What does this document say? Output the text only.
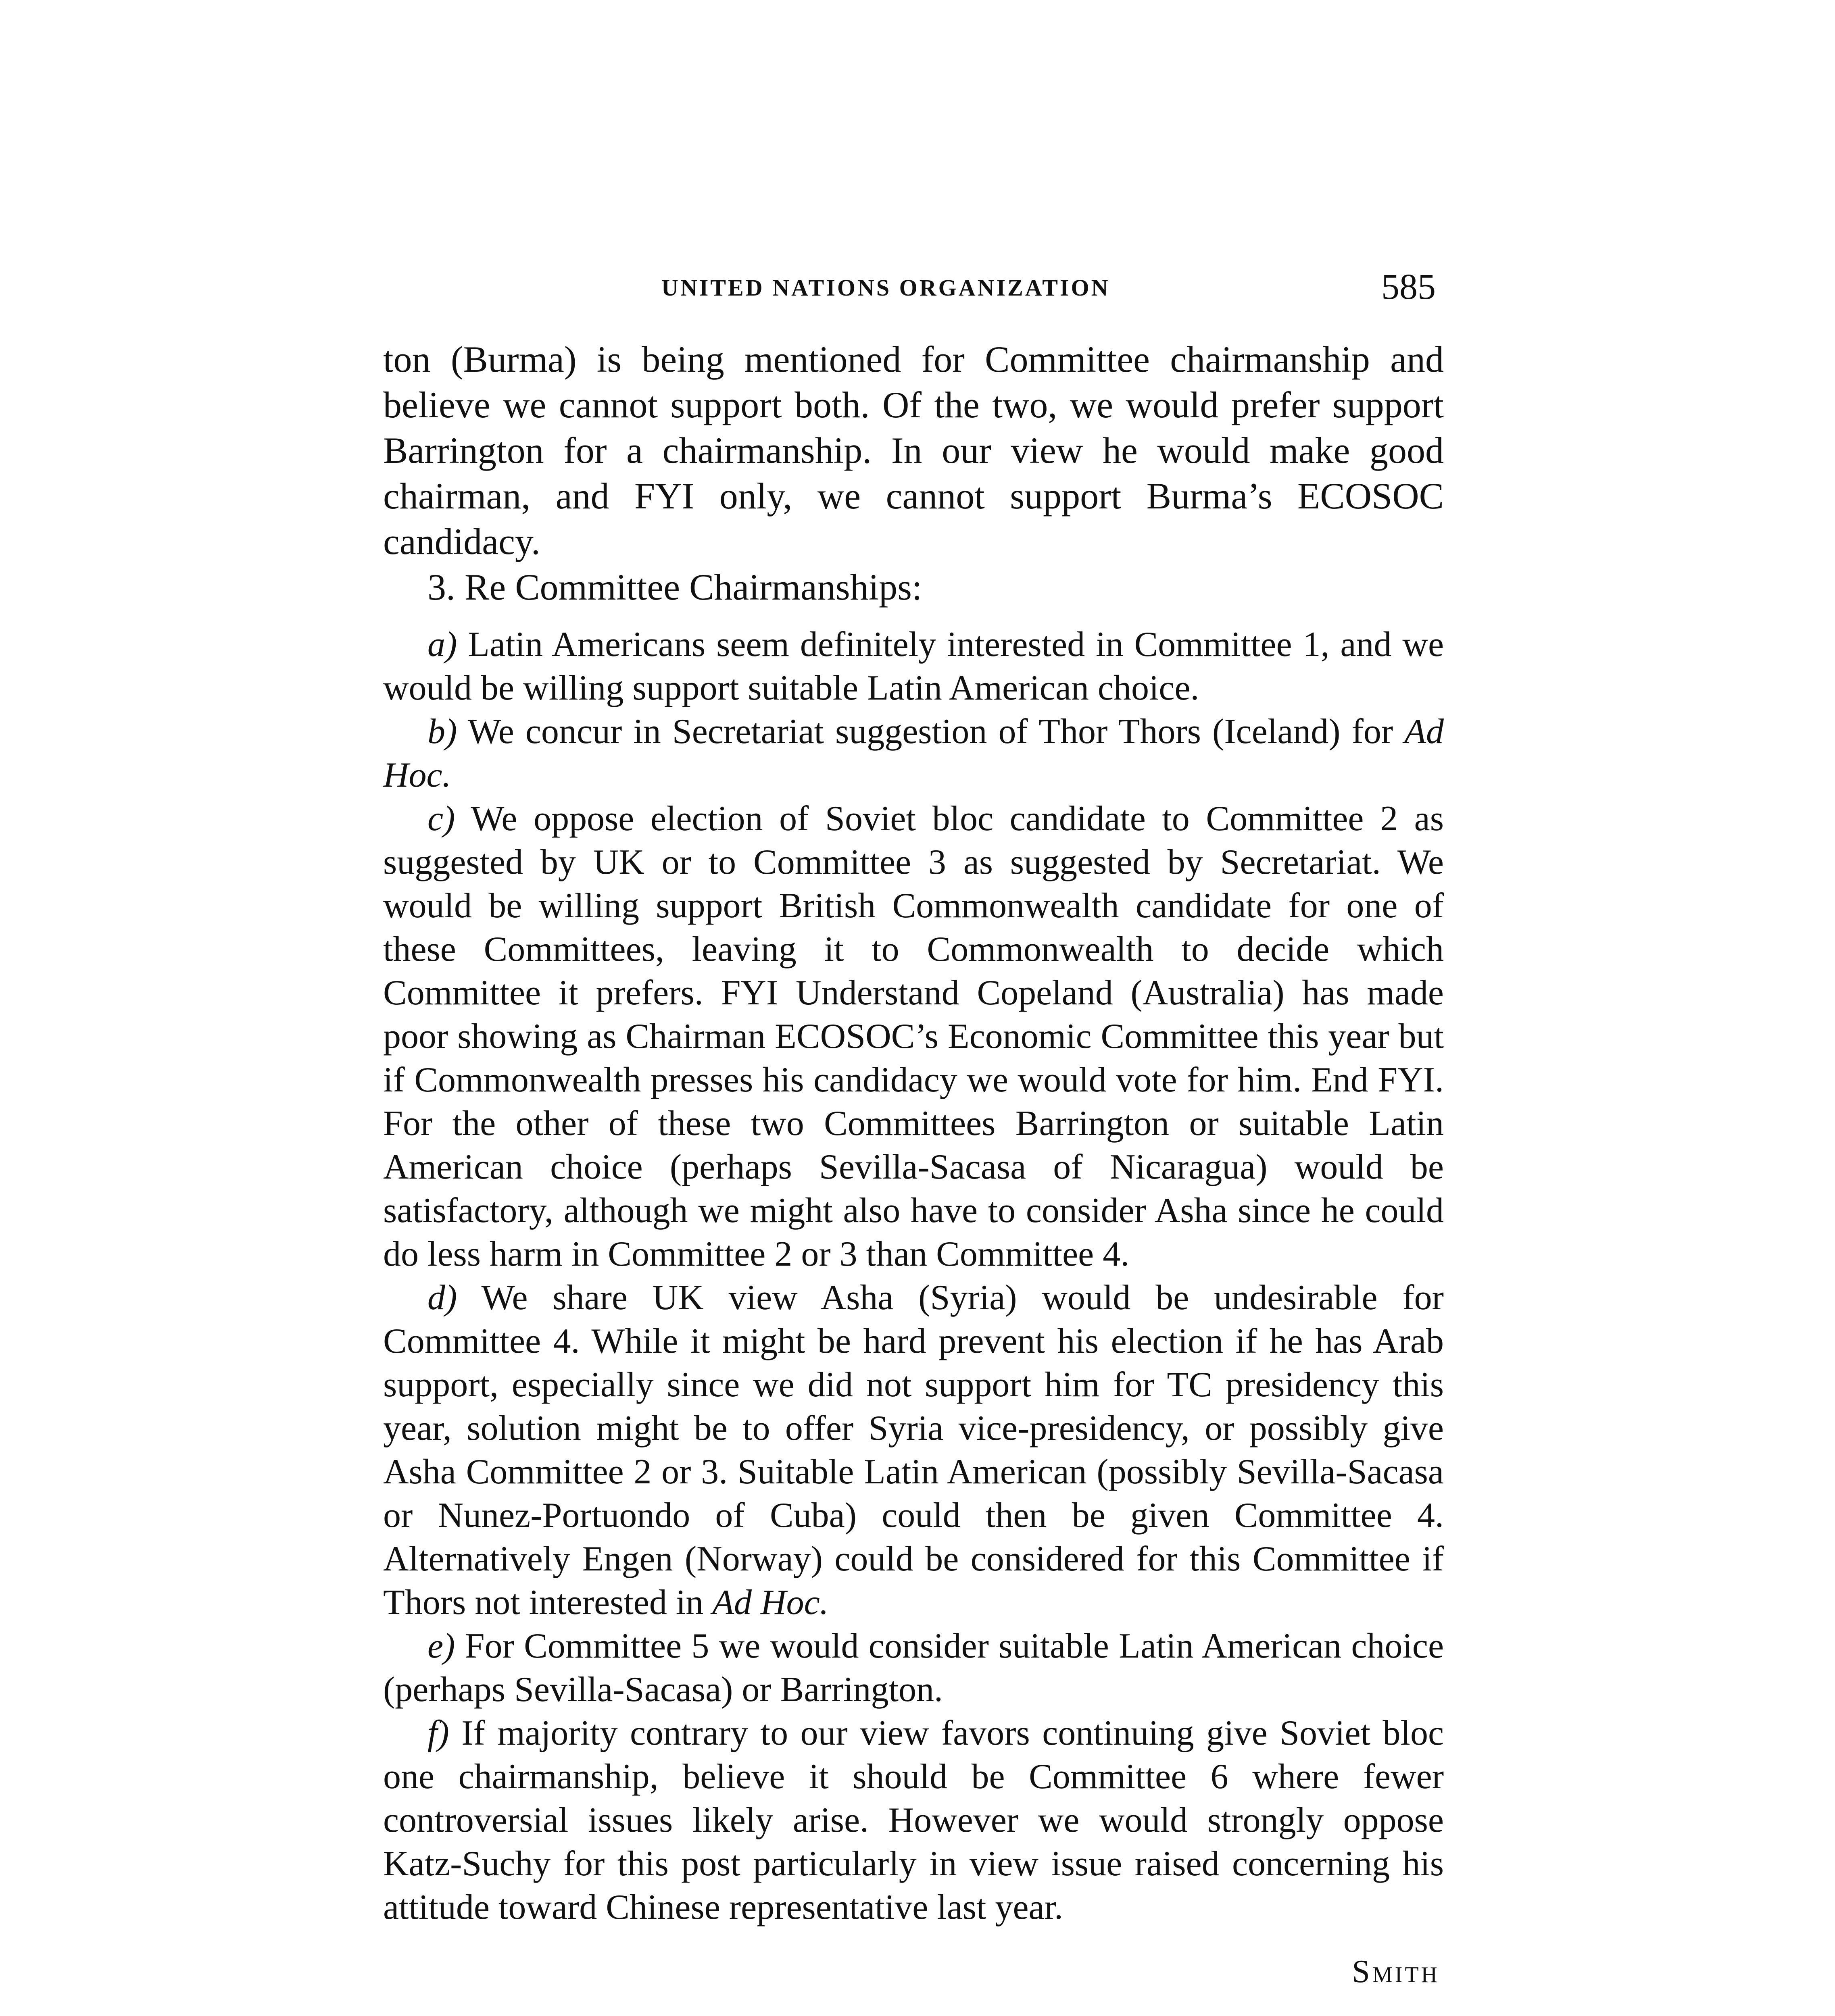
UNITED NATIONS ORGANIZATION	585

ton (Burma) is being mentioned for Committee chairmanship and believe we cannot support both. Of the two, we would prefer support Barrington for a chairmanship. In our view he would make good chairman, and FYI only, we cannot support Burma’s ECOSOC candidacy.

3. Re Committee Chairmanships:

a) Latin Americans seem definitely interested in Committee 1, and we would be willing support suitable Latin American choice.

b) We concur in Secretariat suggestion of Thor Thors (Iceland) for Ad Hoc.

c) We oppose election of Soviet bloc candidate to Committee 2 as suggested by UK or to Committee 3 as suggested by Secretariat. We would be willing support British Commonwealth candidate for one of these Committees, leaving it to Commonwealth to decide which Committee it prefers. FYI Understand Copeland (Australia) has made poor showing as Chairman ECOSOC’s Economic Committee this year but if Commonwealth presses his candidacy we would vote for him. End FYI. For the other of these two Committees Barrington or suitable Latin American choice (perhaps Sevilla-Sacasa of Nicaragua) would be satisfactory, although we might also have to consider Asha since he could do less harm in Committee 2 or 3 than Committee 4.

d) We share UK view Asha (Syria) would be undesirable for Committee 4. While it might be hard prevent his election if he has Arab support, especially since we did not support him for TC presidency this year, solution might be to offer Syria vice-presidency, or possibly give Asha Committee 2 or 3. Suitable Latin American (possibly Sevilla-Sacasa or Nunez-Portuondo of Cuba) could then be given Committee 4. Alternatively Engen (Norway) could be considered for this Committee if Thors not interested in Ad Hoc.

e) For Committee 5 we would consider suitable Latin American choice (perhaps Sevilla-Sacasa) or Barrington.

f) If majority contrary to our view favors continuing give Soviet bloc one chairmanship, believe it should be Committee 6 where fewer controversial issues likely arise. However we would strongly oppose Katz-Suchy for this post particularly in view issue raised concerning his attitude toward Chinese representative last year.

Smith
